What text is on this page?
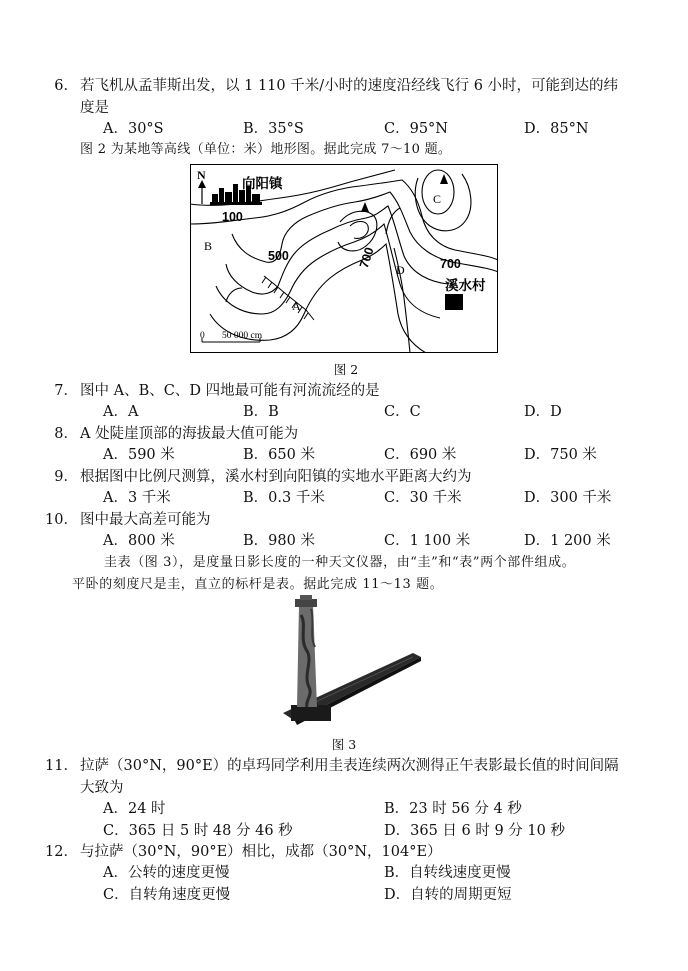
6． 若飞机从孟菲斯出发，以 1 110 千米/小时的速度沿经线飞行 6 小时，可能到达的纬
度是
A．30°S	B．35°S	C．95°N	D．85°N
图 2 为某地等高线（单位：米）地形图。据此完成 7～10 题。
N
向阳镇
溪水村
100
500	700	700
B
A
C
D
0 50 000 cm
图 2
7． 图中 A、B、C、D 四地最可能有河流流经的是
A．A	B．B	C．C	D．D
8． A 处陡崖顶部的海拔最大值可能为
A．590 米	B．650 米	C．690 米	D．750 米
9． 根据图中比例尺测算，溪水村到向阳镇的实地水平距离大约为
A．3 千米	B．0.3 千米	C．30 千米	D．300 千米
10． 图中最大高差可能为
A．800 米	B．980 米	C．1 100 米	D．1 200 米
圭表（图 3），是度量日影长度的一种天文仪器，由“圭”和“表”两个部件组成。
平卧的刻度尺是圭，直立的标杆是表。据此完成 11～13 题。
图 3
11． 拉萨（30°N，90°E）的卓玛同学利用圭表连续两次测得正午表影最长值的时间间隔
大致为
A．24 时	B．23 时 56 分 4 秒
C．365 日 5 时 48 分 46 秒	D．365 日 6 时 9 分 10 秒
12． 与拉萨（30°N，90°E）相比，成都（30°N，104°E）
A．公转的速度更慢	B．自转线速度更慢
C．自转角速度更慢	D．自转的周期更短
